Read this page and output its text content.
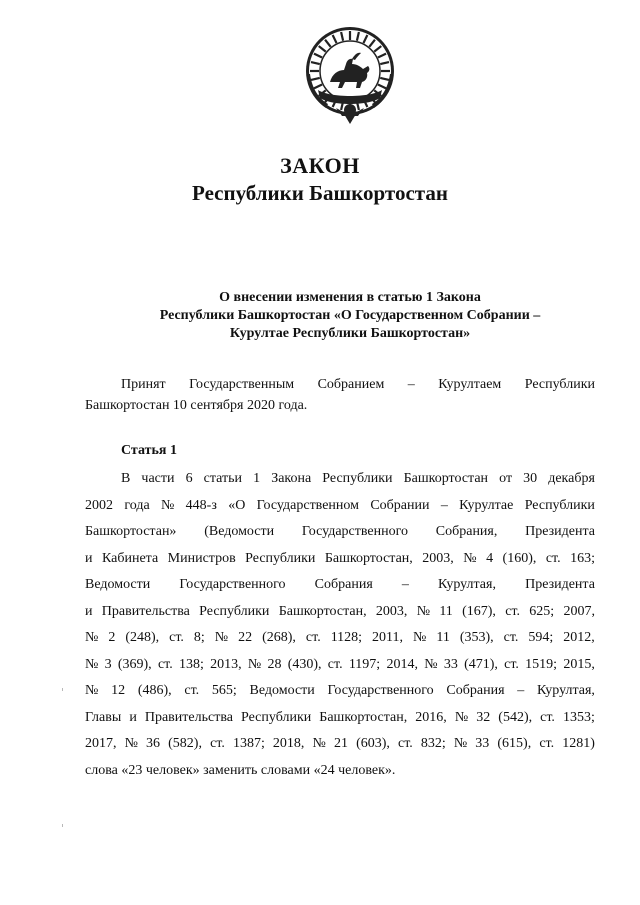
ЗАКОН
Республики Башкортостан
О внесении изменения в статью 1 Закона
Республики Башкортостан «О Государственном Собрании –
Курултае Республики Башкортостан»
Принят Государственным Собранием – Курултаем Республики
Башкортостан 10 сентября 2020 года.
Статья 1
В части 6 статьи 1 Закона Республики Башкортостан от 30 декабря
2002 года № 448-з «О Государственном Собрании – Курултае Республики
Башкортостан» (Ведомости Государственного Собрания, Президента
и Кабинета Министров Республики Башкортостан, 2003, № 4 (160), ст. 163;
Ведомости Государственного Собрания – Курултая, Президента
и Правительства Республики Башкортостан, 2003, № 11 (167), ст. 625; 2007,
№ 2 (248), ст. 8; № 22 (268), ст. 1128; 2011, № 11 (353), ст. 594; 2012,
№ 3 (369), ст. 138; 2013, № 28 (430), ст. 1197; 2014, № 33 (471), ст. 1519; 2015,
№ 12 (486), ст. 565; Ведомости Государственного Собрания – Курултая,
Главы и Правительства Республики Башкортостан, 2016, № 32 (542), ст. 1353;
2017, № 36 (582), ст. 1387; 2018, № 21 (603), ст. 832; № 33 (615), ст. 1281)
слова «23 человек» заменить словами «24 человек».
